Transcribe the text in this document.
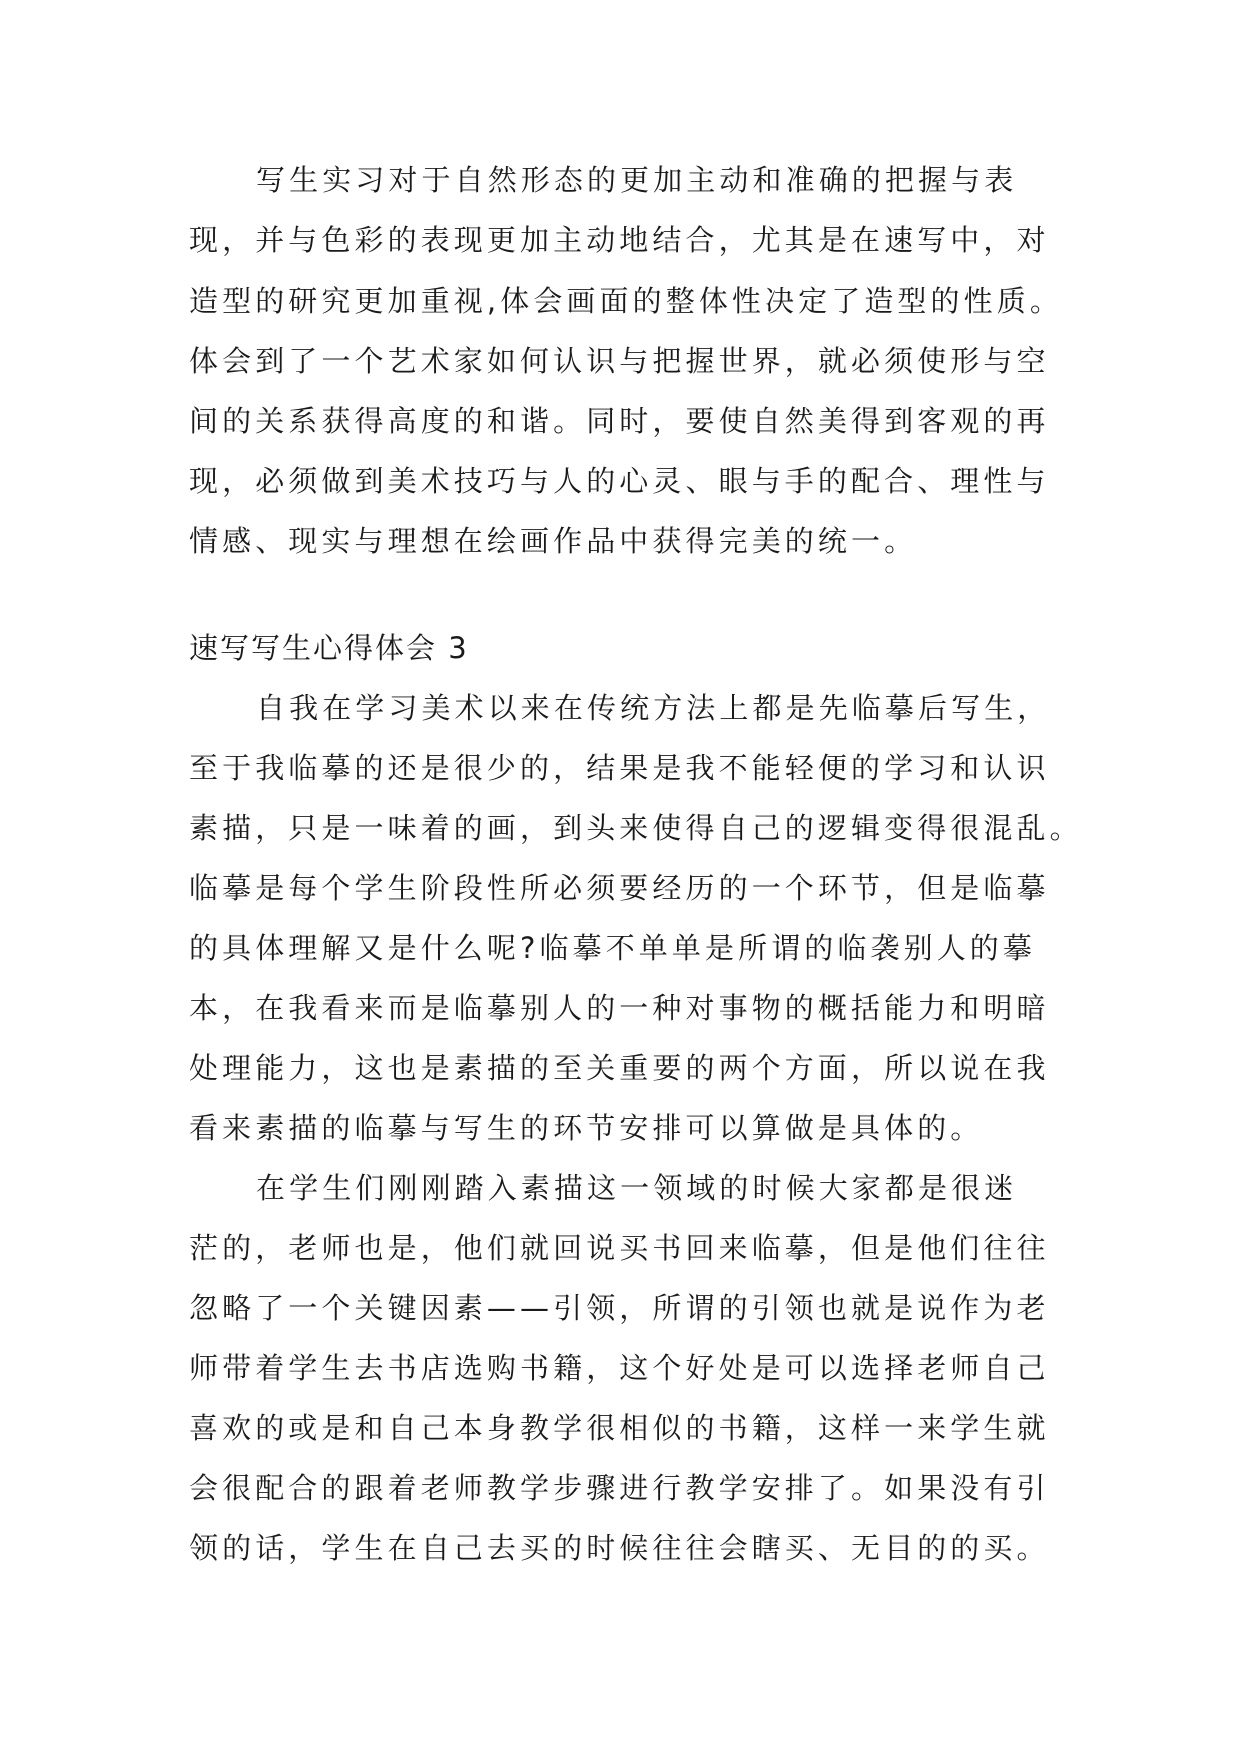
写生实习对于自然形态的更加主动和准确的把握与表
现，并与色彩的表现更加主动地结合，尤其是在速写中，对
造型的研究更加重视,体会画面的整体性决定了造型的性质。
体会到了一个艺术家如何认识与把握世界，就必须使形与空
间的关系获得高度的和谐。同时，要使自然美得到客观的再
现，必须做到美术技巧与人的心灵、眼与手的配合、理性与
情感、现实与理想在绘画作品中获得完美的统一。
速写写生心得体会 3
自我在学习美术以来在传统方法上都是先临摹后写生，
至于我临摹的还是很少的，结果是我不能轻便的学习和认识
素描，只是一味着的画，到头来使得自己的逻辑变得很混乱。
临摹是每个学生阶段性所必须要经历的一个环节，但是临摹
的具体理解又是什么呢?临摹不单单是所谓的临袭别人的摹
本，在我看来而是临摹别人的一种对事物的概括能力和明暗
处理能力，这也是素描的至关重要的两个方面，所以说在我
看来素描的临摹与写生的环节安排可以算做是具体的。
在学生们刚刚踏入素描这一领域的时候大家都是很迷
茫的，老师也是，他们就回说买书回来临摹，但是他们往往
忽略了一个关键因素——引领，所谓的引领也就是说作为老
师带着学生去书店选购书籍，这个好处是可以选择老师自己
喜欢的或是和自己本身教学很相似的书籍，这样一来学生就
会很配合的跟着老师教学步骤进行教学安排了。如果没有引
领的话，学生在自己去买的时候往往会瞎买、无目的的买。
